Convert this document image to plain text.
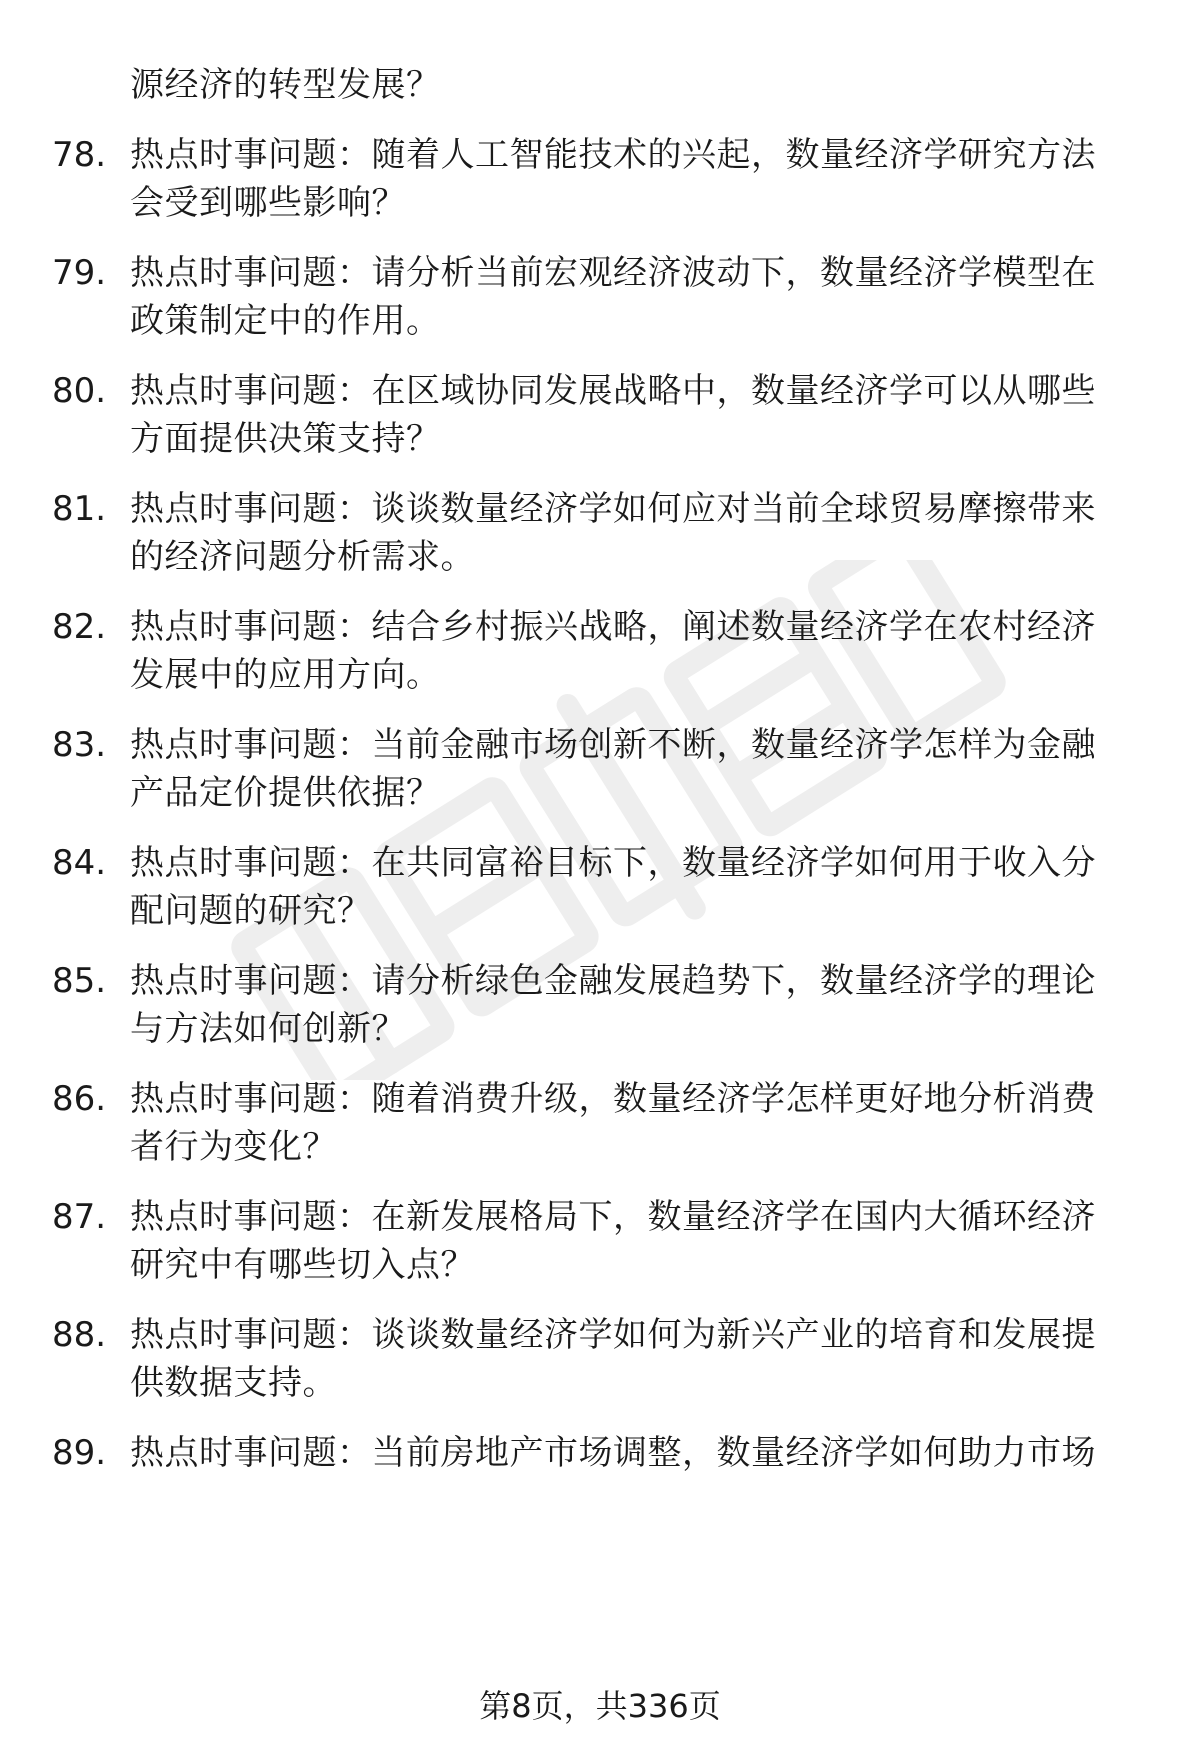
源经济的转型发展？
78. 热点时事问题：随着人工智能技术的兴起，数量经济学研究方法
会受到哪些影响？
79. 热点时事问题：请分析当前宏观经济波动下，数量经济学模型在
政策制定中的作用。
80. 热点时事问题：在区域协同发展战略中，数量经济学可以从哪些
方面提供决策支持？
81. 热点时事问题：谈谈数量经济学如何应对当前全球贸易摩擦带来
的经济问题分析需求。
82. 热点时事问题：结合乡村振兴战略，阐述数量经济学在农村经济
发展中的应用方向。
83. 热点时事问题：当前金融市场创新不断，数量经济学怎样为金融
产品定价提供依据？
84. 热点时事问题：在共同富裕目标下，数量经济学如何用于收入分
配问题的研究？
85. 热点时事问题：请分析绿色金融发展趋势下，数量经济学的理论
与方法如何创新？
86. 热点时事问题：随着消费升级，数量经济学怎样更好地分析消费
者行为变化？
87. 热点时事问题：在新发展格局下，数量经济学在国内大循环经济
研究中有哪些切入点？
88. 热点时事问题：谈谈数量经济学如何为新兴产业的培育和发展提
供数据支持。
89. 热点时事问题：当前房地产市场调整，数量经济学如何助力市场
第8页，共336页
